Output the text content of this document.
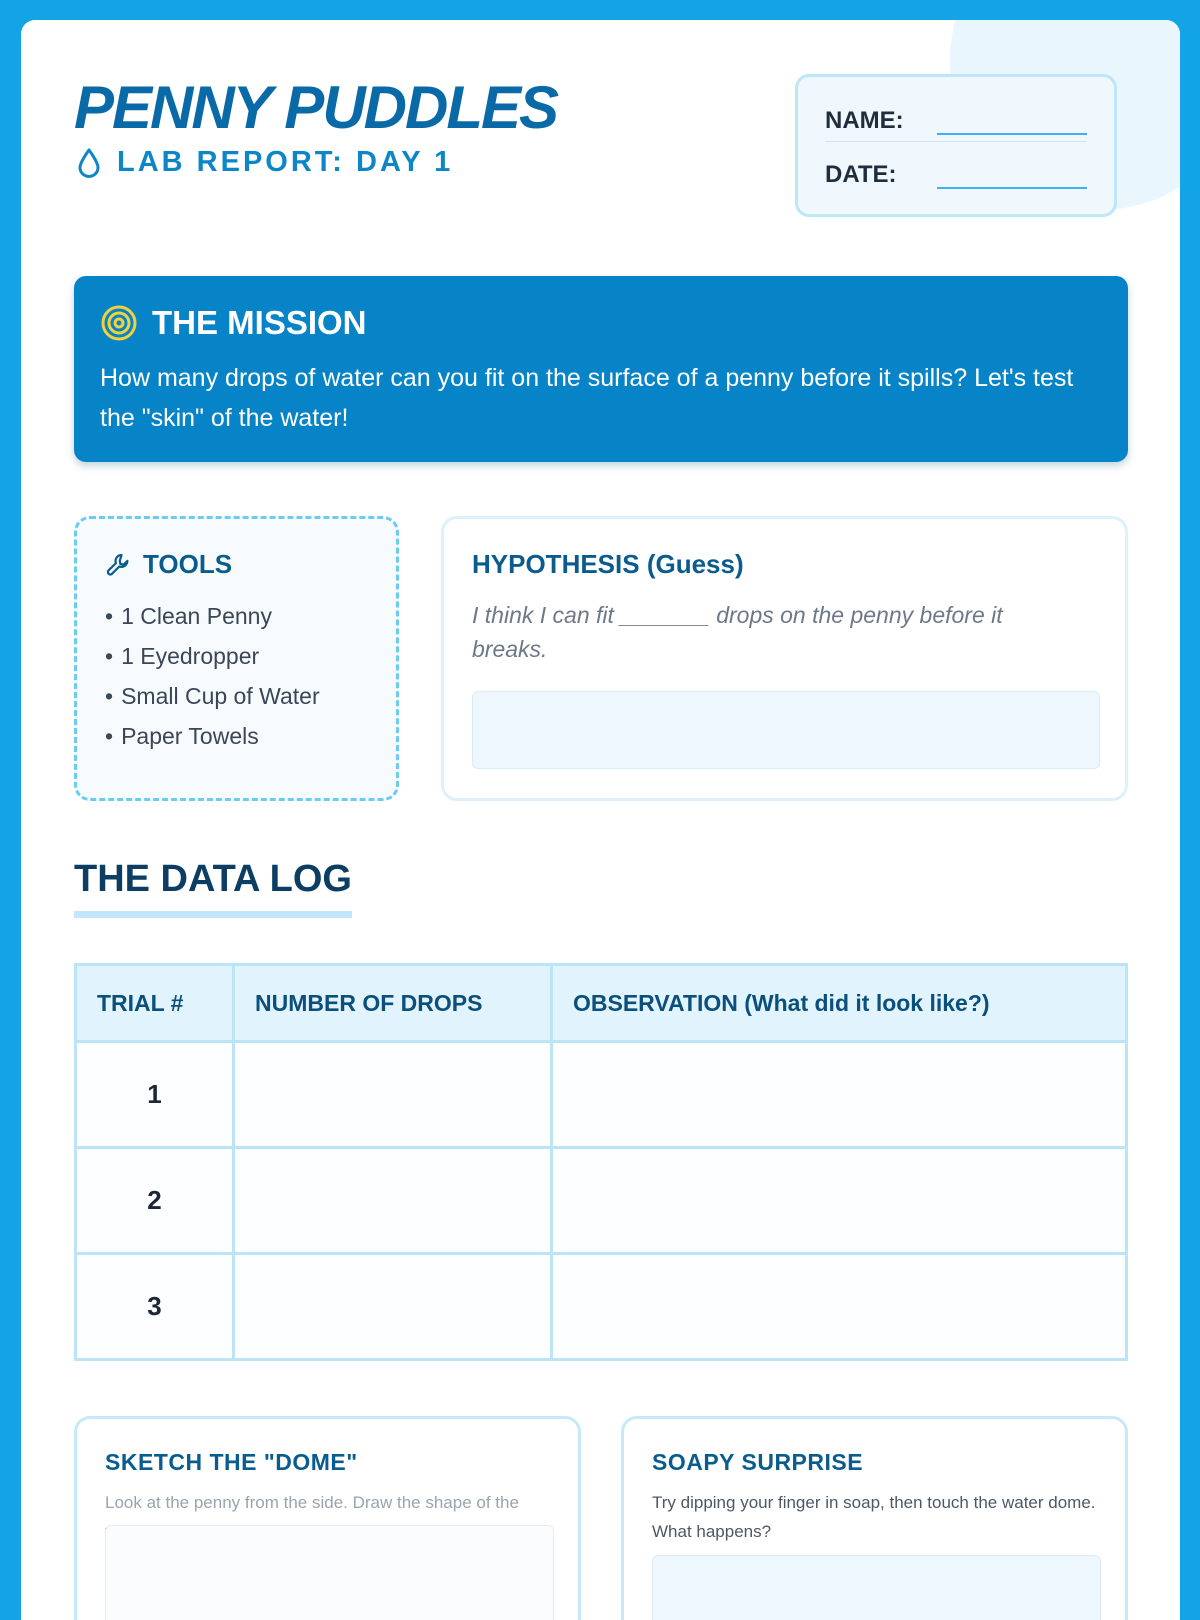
PENNY PUDDLES
LAB REPORT: DAY 1
NAME:
DATE:
THE MISSION
How many drops of water can you fit on the surface of a penny before it spills? Let's test the "skin" of the water!
TOOLS
• 1 Clean Penny
• 1 Eyedropper
• Small Cup of Water
• Paper Towels
HYPOTHESIS (Guess)
I think I can fit _______ drops on the penny before it breaks.
THE DATA LOG
TRIAL #	NUMBER OF DROPS	OBSERVATION (What did it look like?)
1		
2		
3		
SKETCH THE "DOME"
Look at the penny from the side. Draw the shape of the
SOAPY SURPRISE
Try dipping your finger in soap, then touch the water dome. What happens?
